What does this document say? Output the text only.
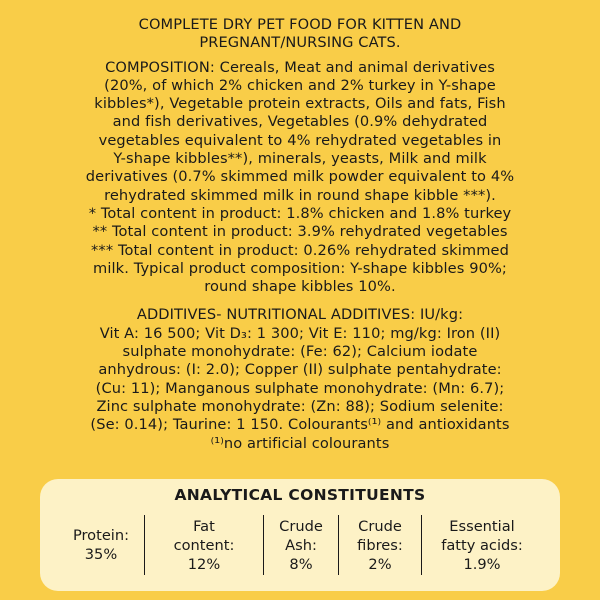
COMPLETE DRY PET FOOD FOR KITTEN AND
PREGNANT/NURSING CATS.
COMPOSITION: Cereals, Meat and animal derivatives
(20%, of which 2% chicken and 2% turkey in Y-shape
kibbles*), Vegetable protein extracts, Oils and fats, Fish
and fish derivatives, Vegetables (0.9% dehydrated
vegetables equivalent to 4% rehydrated vegetables in
Y-shape kibbles**), minerals, yeasts, Milk and milk
derivatives (0.7% skimmed milk powder equivalent to 4%
rehydrated skimmed milk in round shape kibble ***).
* Total content in product: 1.8% chicken and 1.8% turkey
** Total content in product: 3.9% rehydrated vegetables
*** Total content in product: 0.26% rehydrated skimmed
milk. Typical product composition: Y-shape kibbles 90%;
round shape kibbles 10%.
ADDITIVES- NUTRITIONAL ADDITIVES: IU/kg:
Vit A: 16 500; Vit D₃: 1 300; Vit E: 110; mg/kg: Iron (II)
sulphate monohydrate: (Fe: 62); Calcium iodate
anhydrous: (I: 2.0); Copper (II) sulphate pentahydrate:
(Cu: 11); Manganous sulphate monohydrate: (Mn: 6.7);
Zinc sulphate monohydrate: (Zn: 88); Sodium selenite:
(Se: 0.14); Taurine: 1 150. Colourants⁽¹⁾ and antioxidants
⁽¹⁾no artificial colourants
ANALYTICAL CONSTITUENTS
Protein:
35%
Fat
content:
12%
Crude
Ash:
8%
Crude
fibres:
2%
Essential
fatty acids:
1.9%
